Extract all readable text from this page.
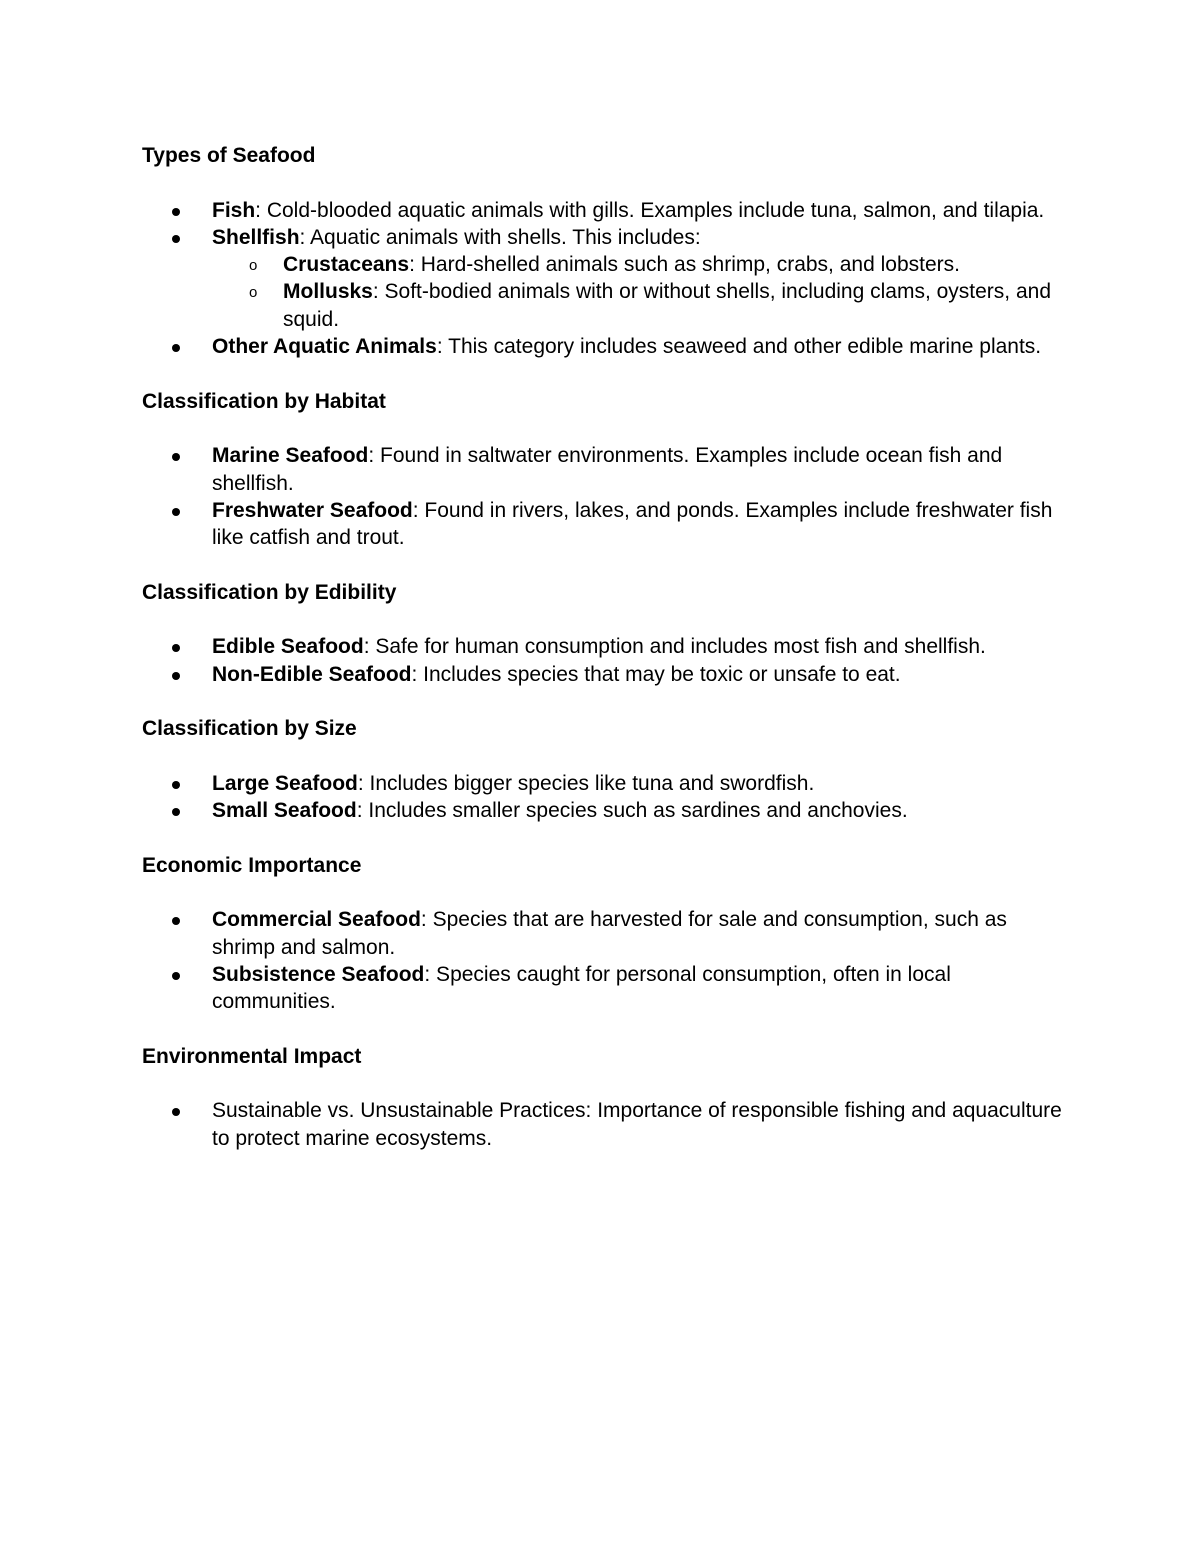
Types of Seafood
Fish: Cold-blooded aquatic animals with gills. Examples include tuna, salmon, and tilapia.
Shellfish: Aquatic animals with shells. This includes:
o	Crustaceans: Hard-shelled animals such as shrimp, crabs, and lobsters.
o	Mollusks: Soft-bodied animals with or without shells, including clams, oysters, and squid.
Other Aquatic Animals: This category includes seaweed and other edible marine plants.
Classification by Habitat
Marine Seafood: Found in saltwater environments. Examples include ocean fish and shellfish.
Freshwater Seafood: Found in rivers, lakes, and ponds. Examples include freshwater fish like catfish and trout.
Classification by Edibility
Edible Seafood: Safe for human consumption and includes most fish and shellfish.
Non-Edible Seafood: Includes species that may be toxic or unsafe to eat.
Classification by Size
Large Seafood: Includes bigger species like tuna and swordfish.
Small Seafood: Includes smaller species such as sardines and anchovies.
Economic Importance
Commercial Seafood: Species that are harvested for sale and consumption, such as shrimp and salmon.
Subsistence Seafood: Species caught for personal consumption, often in local communities.
Environmental Impact
Sustainable vs. Unsustainable Practices: Importance of responsible fishing and aquaculture to protect marine ecosystems.
